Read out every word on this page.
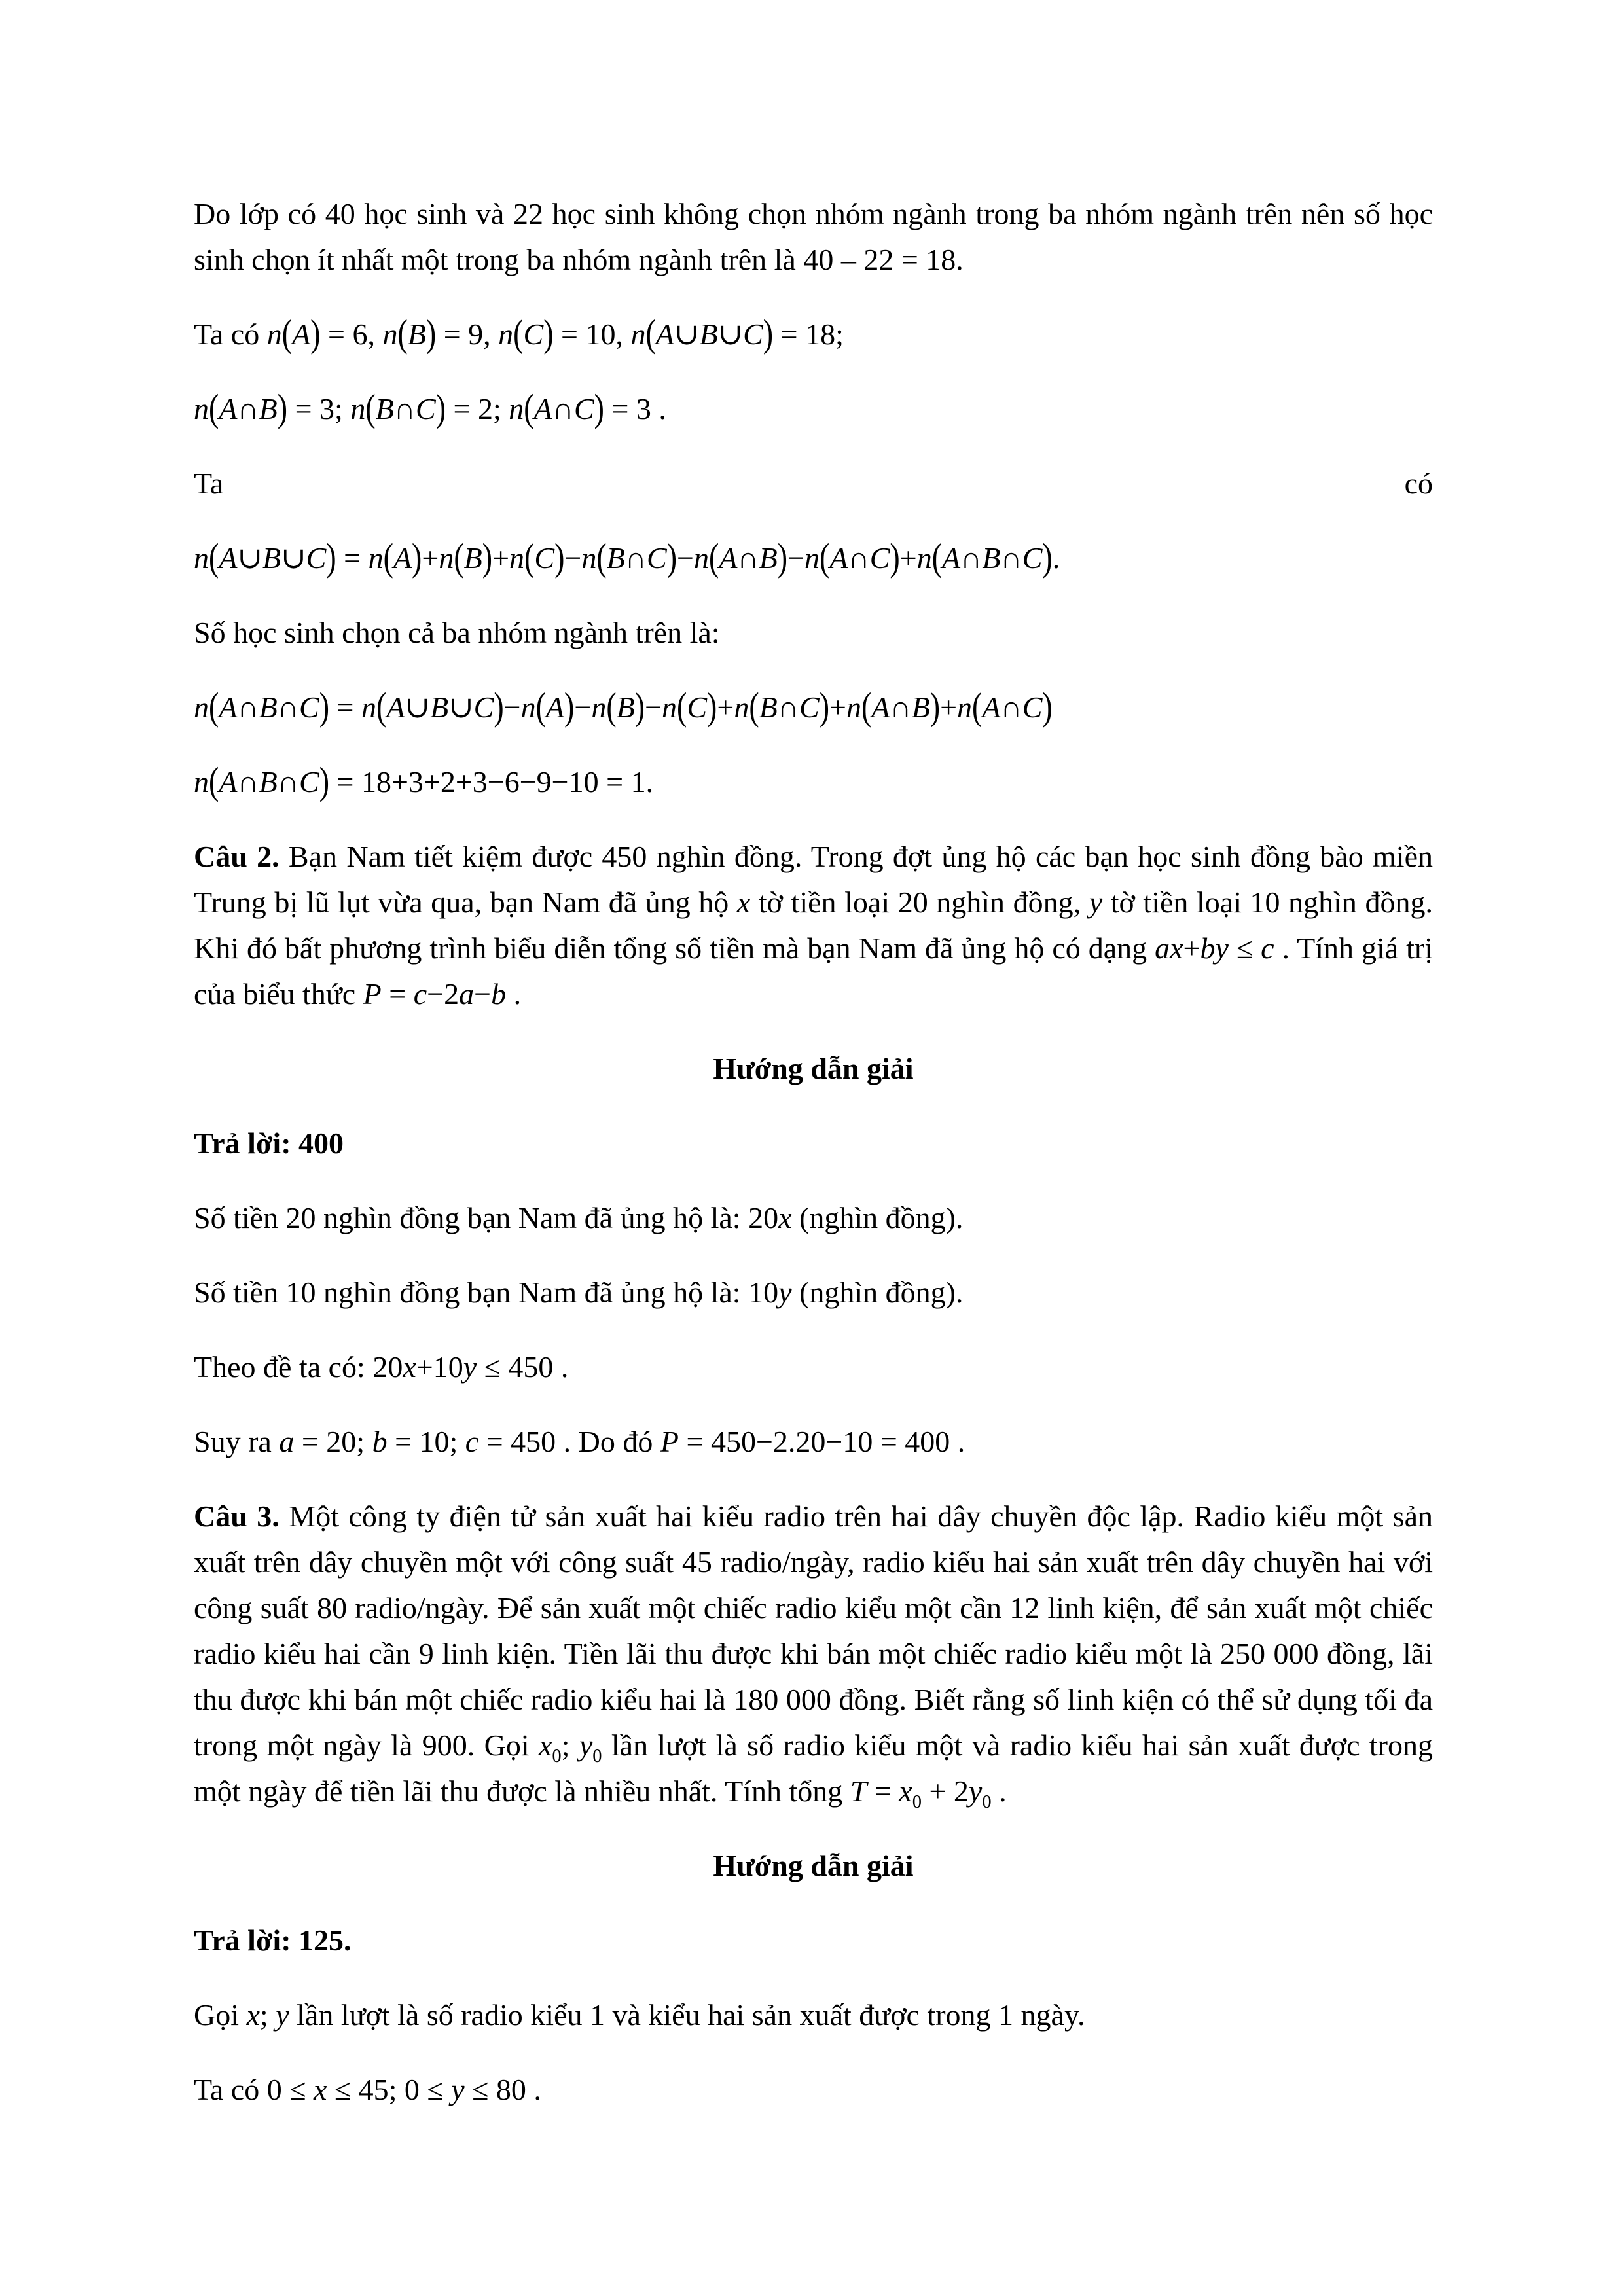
Do lớp có 40 học sinh và 22 học sinh không chọn nhóm ngành trong ba nhóm ngành trên nên số học sinh chọn ít nhất một trong ba nhóm ngành trên là 40 – 22 = 18.

Ta có n(A) = 6, n(B) = 9, n(C) = 10, n(A∪B∪C) = 18;

n(A∩B) = 3; n(B∩C) = 2; n(A∩C) = 3 .

Ta	có

n(A∪B∪C) = n(A)+n(B)+n(C)−n(B∩C)−n(A∩B)−n(A∩C)+n(A∩B∩C).

Số học sinh chọn cả ba nhóm ngành trên là:

n(A∩B∩C) = n(A∪B∪C)−n(A)−n(B)−n(C)+n(B∩C)+n(A∩B)+n(A∩C)

n(A∩B∩C) = 18+3+2+3−6−9−10 = 1.

Câu 2. Bạn Nam tiết kiệm được 450 nghìn đồng. Trong đợt ủng hộ các bạn học sinh đồng bào miền Trung bị lũ lụt vừa qua, bạn Nam đã ủng hộ x tờ tiền loại 20 nghìn đồng, y tờ tiền loại 10 nghìn đồng. Khi đó bất phương trình biểu diễn tổng số tiền mà bạn Nam đã ủng hộ có dạng ax+by ≤ c . Tính giá trị của biểu thức P = c−2a−b .

Hướng dẫn giải

Trả lời: 400

Số tiền 20 nghìn đồng bạn Nam đã ủng hộ là: 20x (nghìn đồng).

Số tiền 10 nghìn đồng bạn Nam đã ủng hộ là: 10y (nghìn đồng).

Theo đề ta có: 20x+10y ≤ 450 .

Suy ra a = 20; b = 10; c = 450 . Do đó P = 450−2.20−10 = 400 .

Câu 3. Một công ty điện tử sản xuất hai kiểu radio trên hai dây chuyền độc lập. Radio kiểu một sản xuất trên dây chuyền một với công suất 45 radio/ngày, radio kiểu hai sản xuất trên dây chuyền hai với công suất 80 radio/ngày. Để sản xuất một chiếc radio kiểu một cần 12 linh kiện, để sản xuất một chiếc radio kiểu hai cần 9 linh kiện. Tiền lãi thu được khi bán một chiếc radio kiểu một là 250 000 đồng, lãi thu được khi bán một chiếc radio kiểu hai là 180 000 đồng. Biết rằng số linh kiện có thể sử dụng tối đa trong một ngày là 900. Gọi $x_0$; $y_0$ lần lượt là số radio kiểu một và radio kiểu hai sản xuất được trong một ngày để tiền lãi thu được là nhiều nhất. Tính tổng $T = x_0 + 2y_0$ .

Hướng dẫn giải

Trả lời: 125.

Gọi x; y lần lượt là số radio kiểu 1 và kiểu hai sản xuất được trong 1 ngày.

Ta có 0 ≤ x ≤ 45; 0 ≤ y ≤ 80 .
